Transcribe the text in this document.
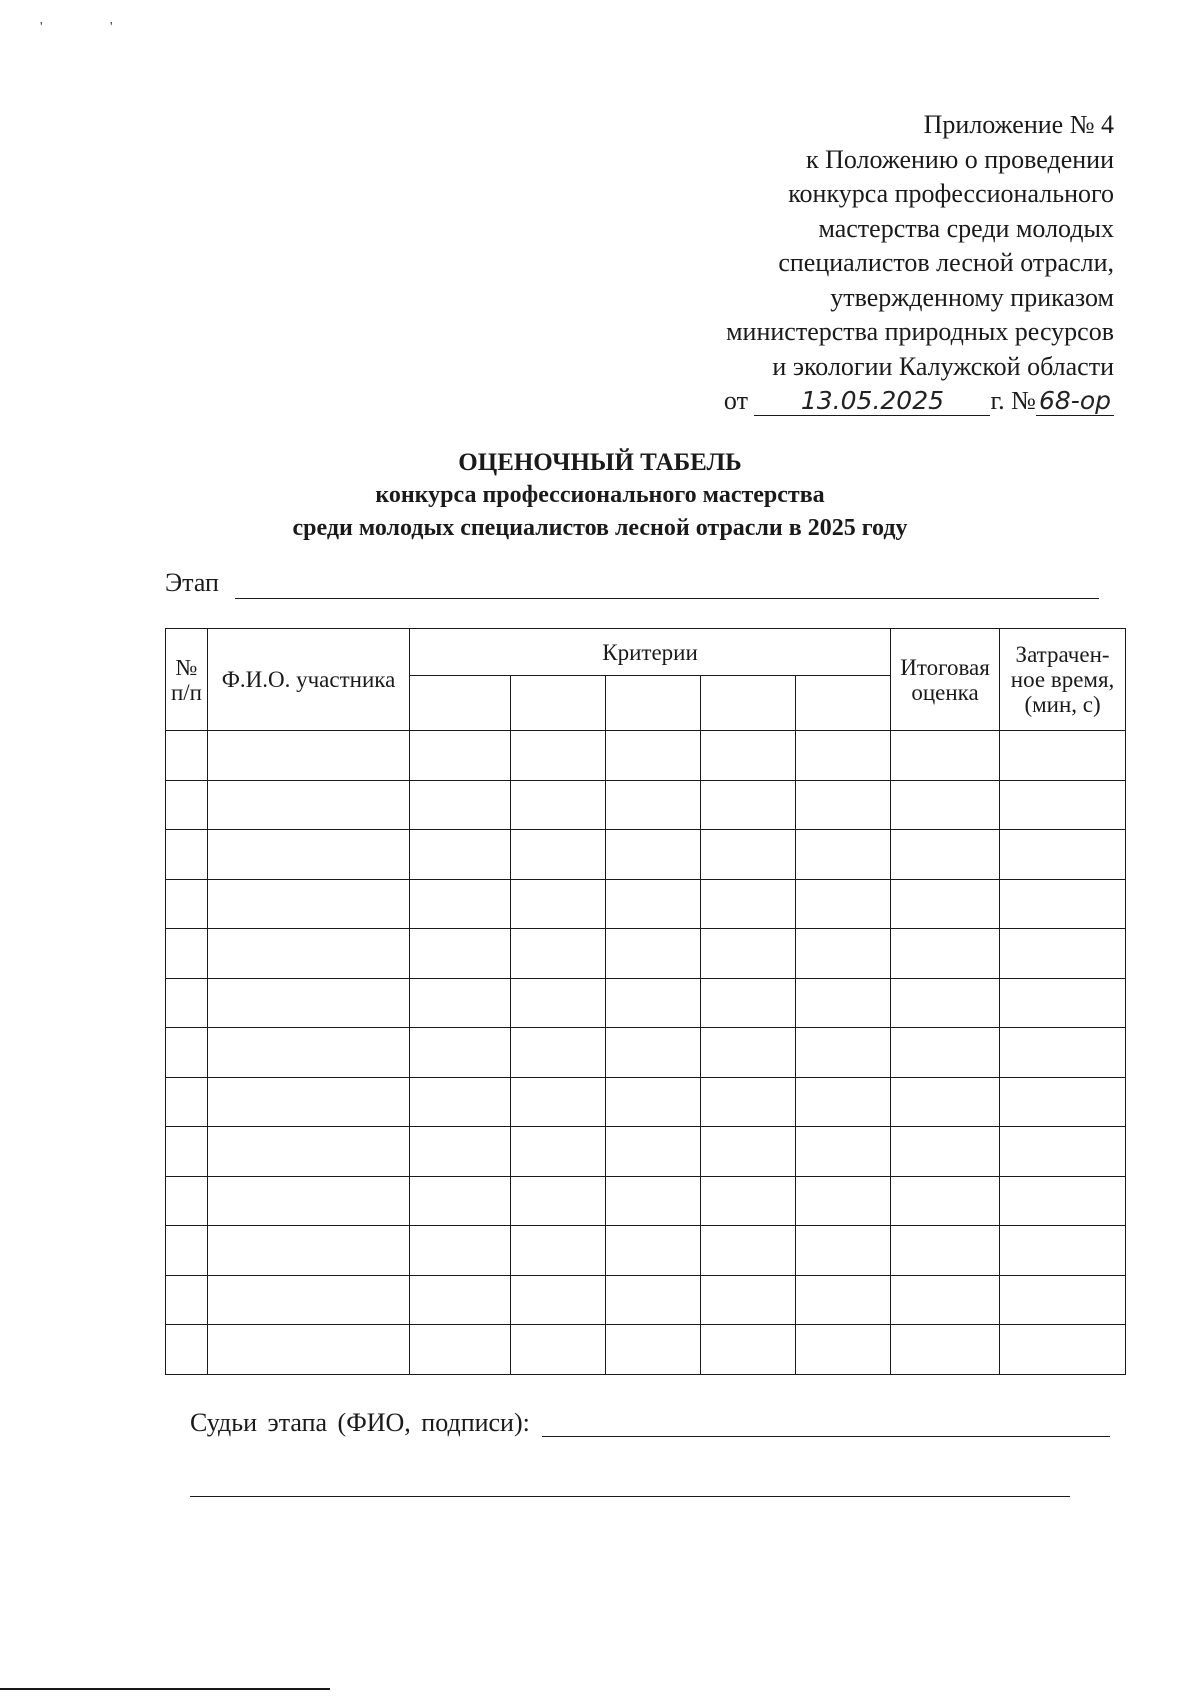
'	'
Приложение № 4
к Положению о проведении
конкурса профессионального
мастерства среди молодых
специалистов лесной отрасли,
утвержденному приказом
министерства природных ресурсов
и экологии Калужской области
от 13.05.2025 г. № 68-ор
ОЦЕНОЧНЫЙ ТАБЕЛЬ
конкурса профессионального мастерства
среди молодых специалистов лесной отрасли в 2025 году
Этап
№ п/п	Ф.И.О. участника	Критерии					Итоговая оценка	Затрачен-ное время, (мин, с)

Судьи этапа (ФИО, подписи):
